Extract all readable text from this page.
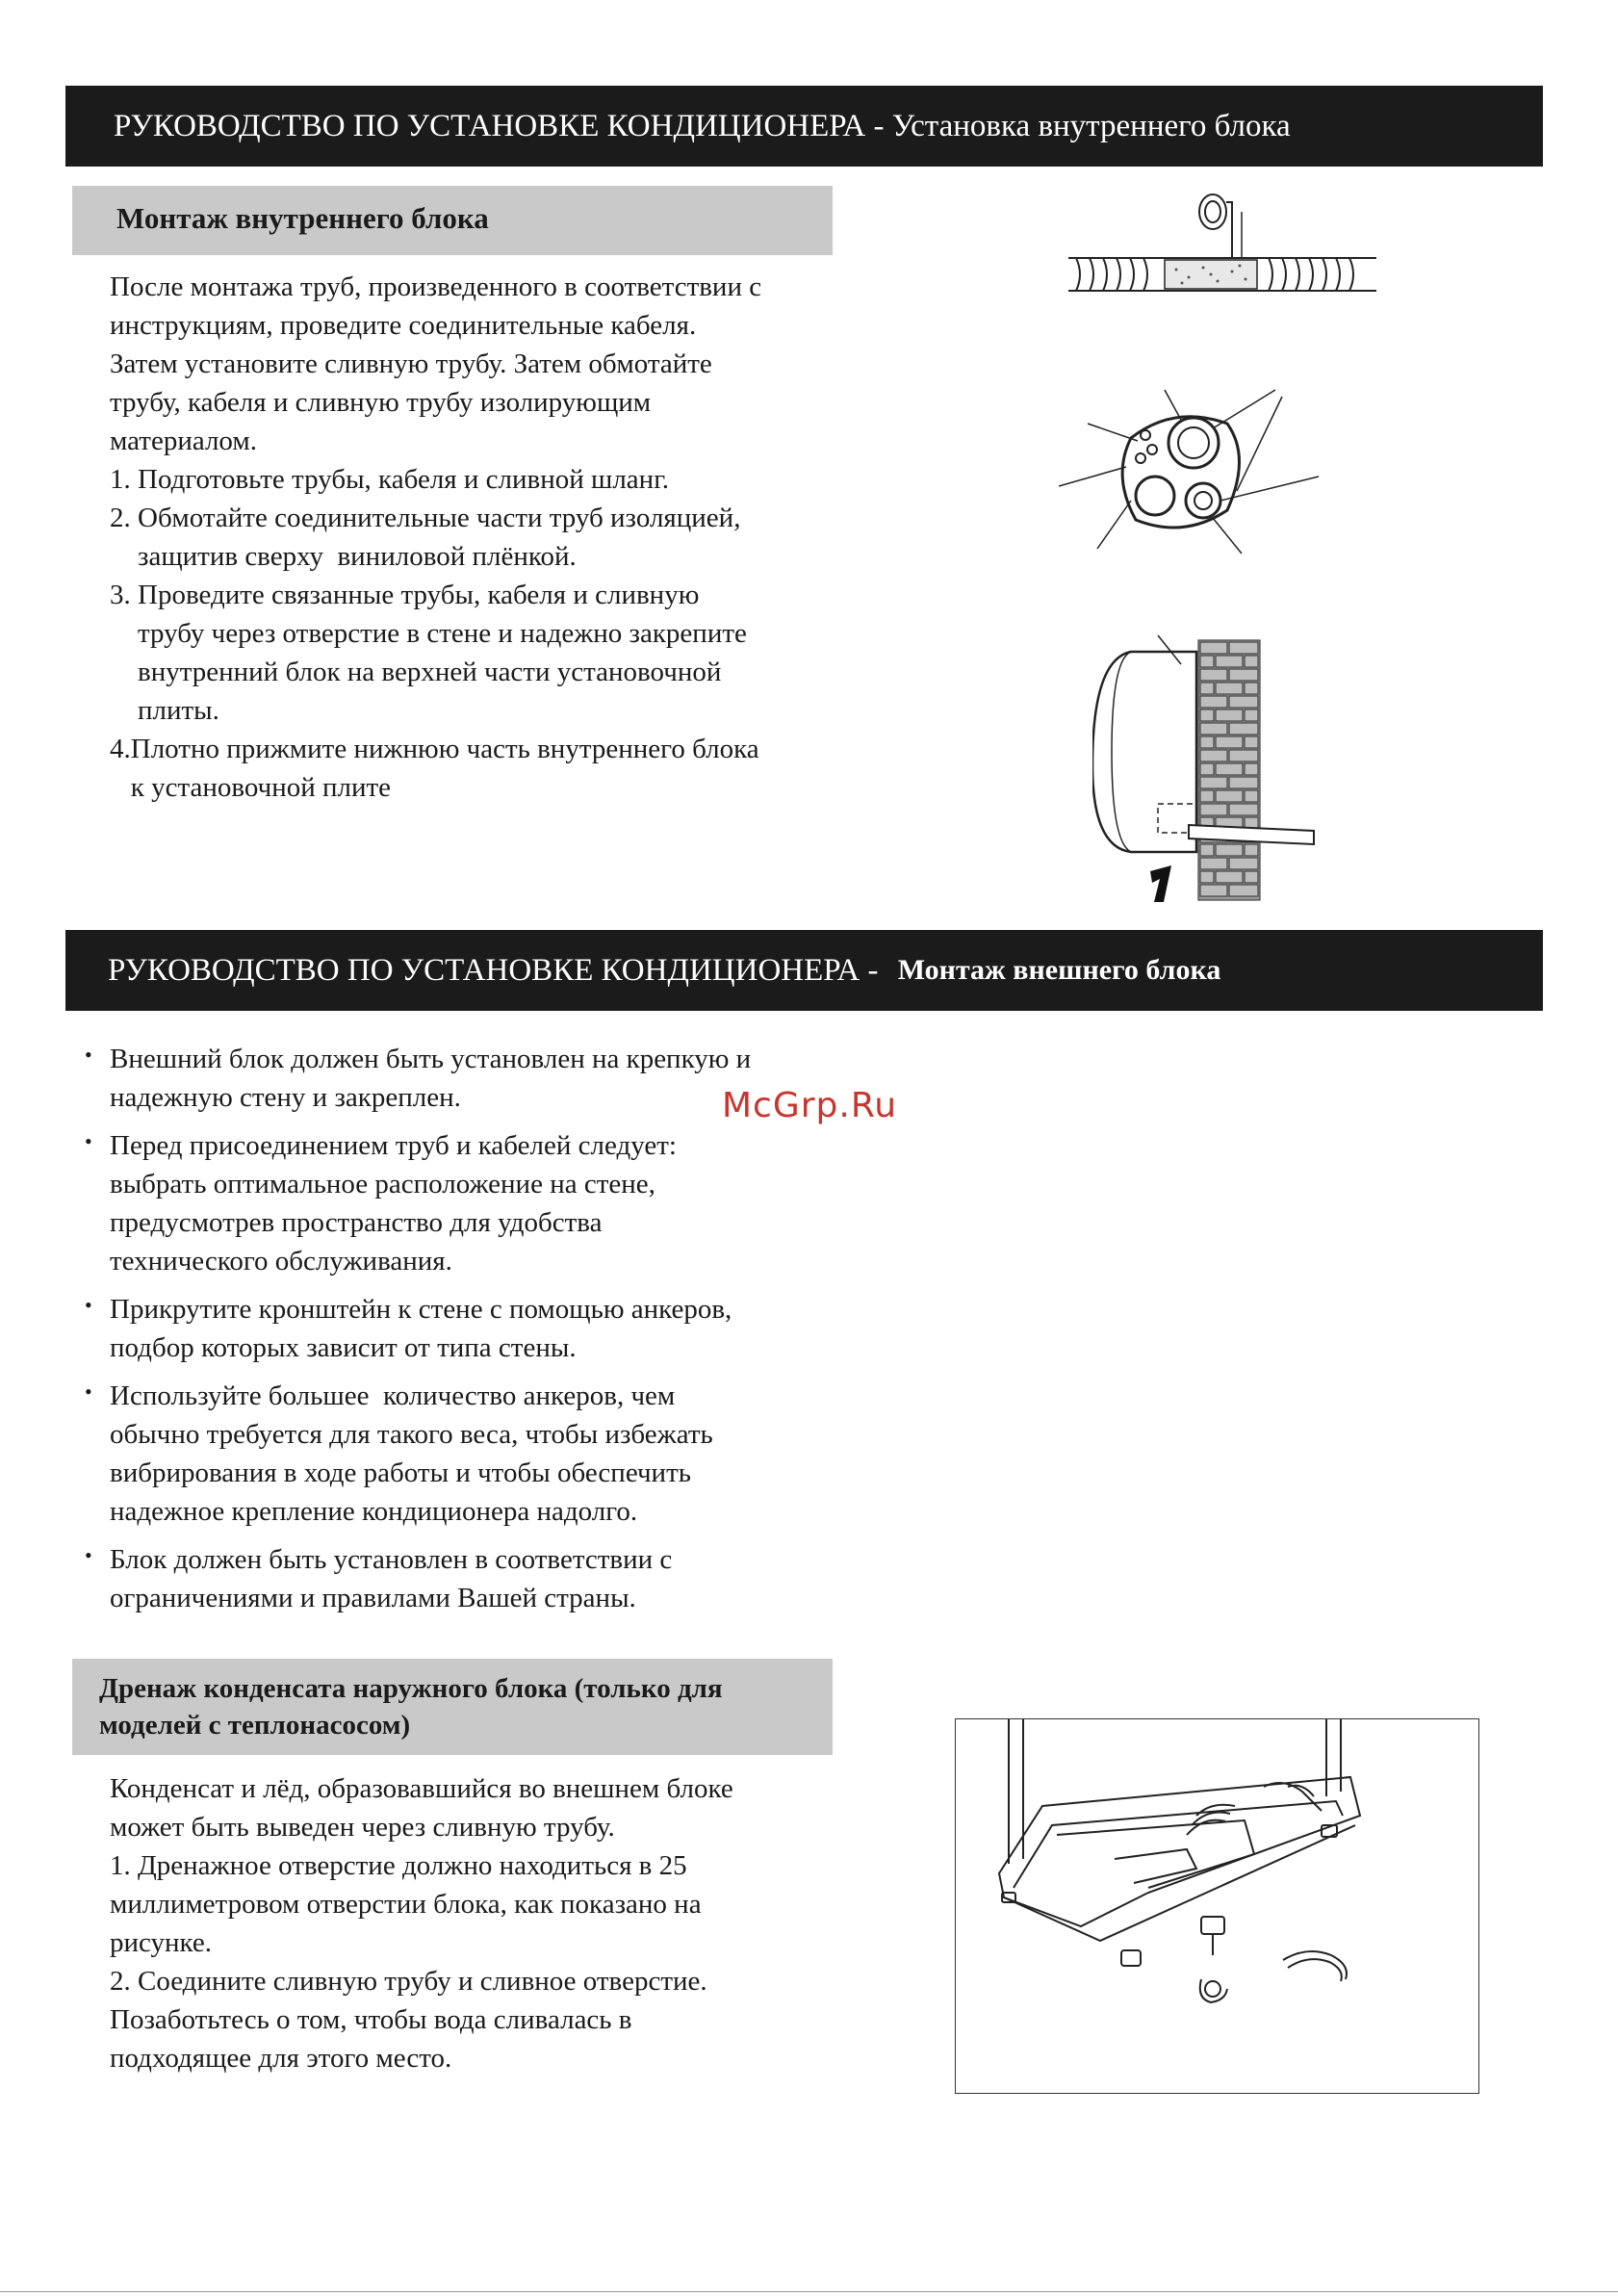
РУКОВОДСТВО ПО УСТАНОВКЕ КОНДИЦИОНЕРА - Установка внутреннего блока
Монтаж внутреннего блока

После монтажа труб, произведенного в соответствии с

инструкциям, проведите соединительные кабеля.

Затем установите сливную трубу. Затем обмотайте

трубу, кабеля и сливную трубу изолирующим

материалом.

1. Подготовьте трубы, кабеля и сливной шланг.

2. Обмотайте соединительные части труб изоляцией,

защитив сверху  виниловой плёнкой.

3. Проведите связанные трубы, кабеля и сливную

трубу через отверстие в стене и надежно закрепите

внутренний блок на верхней части установочной

плиты.

4.Плотно прижмите нижнюю часть внутреннего блока

к установочной плите

РУКОВОДСТВО ПО УСТАНОВКЕ КОНДИЦИОНЕРА - Монтаж внешнего блока
• Внешний блок должен быть установлен на крепкую и

надежную стену и закреплен.

• Перед присоединением труб и кабелей следует:

выбрать оптимальное расположение на стене,

предусмотрев пространство для удобства

технического обслуживания.

• Прикрутите кронштейн к стене с помощью анкеров,

подбор которых зависит от типа стены.

• Используйте большее  количество анкеров, чем

обычно требуется для такого веса, чтобы избежать

вибрирования в ходе работы и чтобы обеспечить

надежное крепление кондиционера надолго.

• Блок должен быть установлен в соответствии с

ограничениями и правилами Вашей страны.

McGrp.Ru
Дренаж конденсата наружного блока (только для
моделей с теплонасосом)

Конденсат и лёд, образовавшийся во внешнем блоке

может быть выведен через сливную трубу.

1. Дренажное отверстие должно находиться в 25

миллиметровом отверстии блока, как показано на

рисунке.

2. Соедините сливную трубу и сливное отверстие.

Позаботьтесь о том, чтобы вода сливалась в

подходящее для этого место.
